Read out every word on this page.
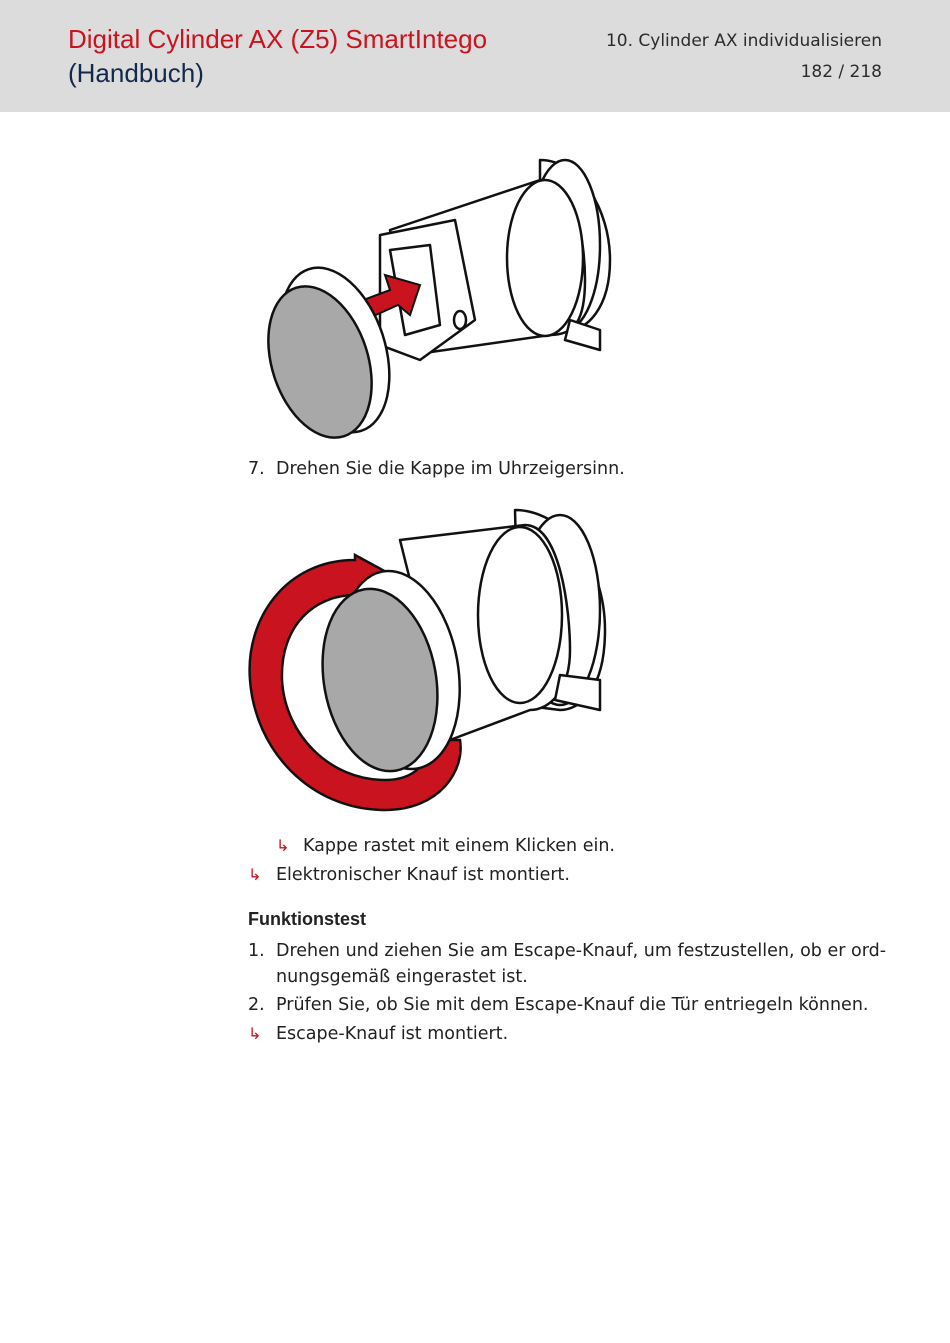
Digital Cylinder AX (Z5) SmartIntego
(Handbuch)
10. Cylinder AX individualisieren
182 / 218
7. Drehen Sie die Kappe im Uhrzeigersinn.
↳ Kappe rastet mit einem Klicken ein.
↳ Elektronischer Knauf ist montiert.
Funktionstest
1. Drehen und ziehen Sie am Escape-Knauf, um festzustellen, ob er ord-
nungsgemäß eingerastet ist.
2. Prüfen Sie, ob Sie mit dem Escape-Knauf die Tür entriegeln können.
↳ Escape-Knauf ist montiert.
